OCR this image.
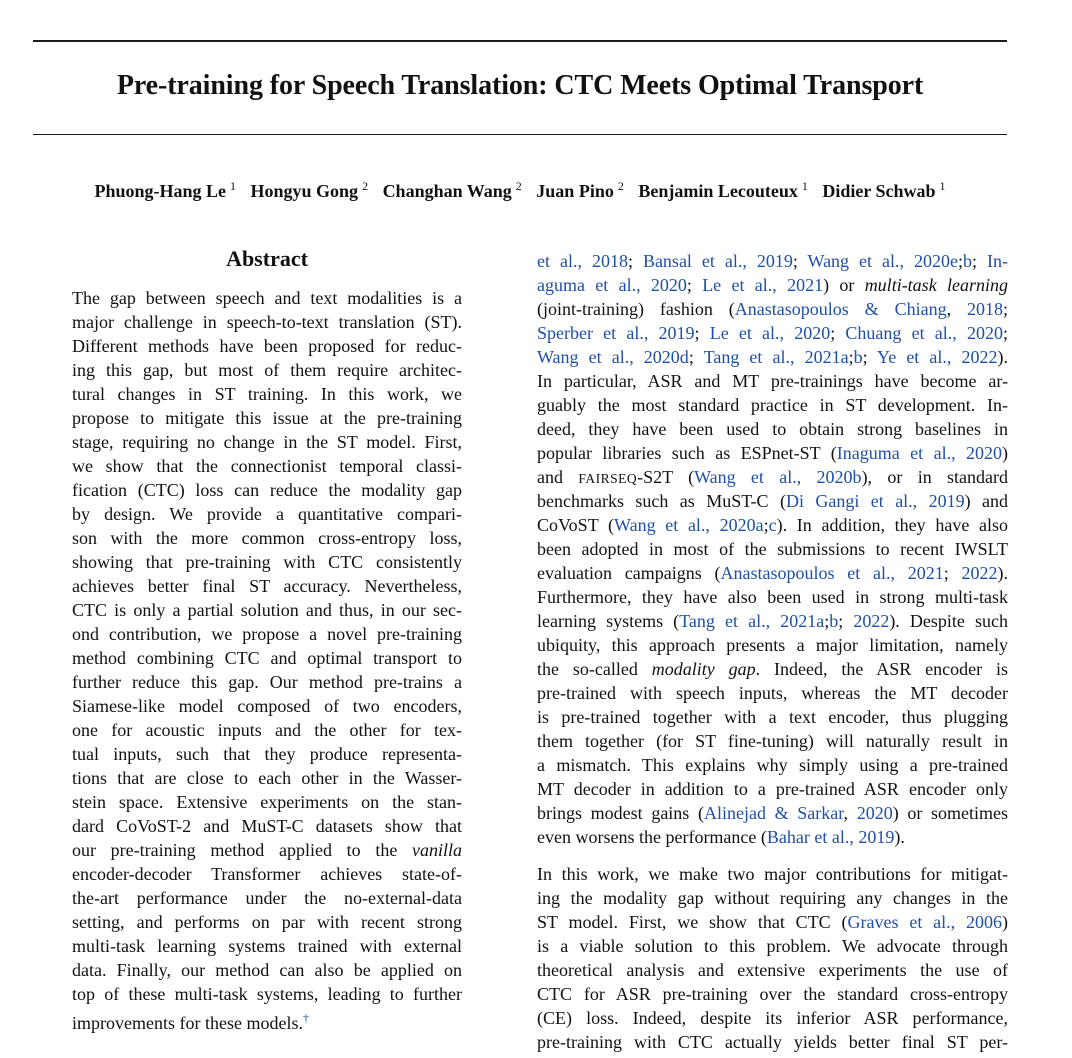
Pre-training for Speech Translation: CTC Meets Optimal Transport
Phuong-Hang Le $^1$ Hongyu Gong $^2$ Changhan Wang $^2$ Juan Pino $^2$ Benjamin Lecouteux $^1$ Didier Schwab $^1$
Abstract
The gap between speech and text modalities is a
major challenge in speech-to-text translation (ST).
Different methods have been proposed for reduc-
ing this gap, but most of them require architec-
tural changes in ST training. In this work, we
propose to mitigate this issue at the pre-training
stage, requiring no change in the ST model. First,
we show that the connectionist temporal classi-
fication (CTC) loss can reduce the modality gap
by design. We provide a quantitative compari-
son with the more common cross-entropy loss,
showing that pre-training with CTC consistently
achieves better final ST accuracy. Nevertheless,
CTC is only a partial solution and thus, in our sec-
ond contribution, we propose a novel pre-training
method combining CTC and optimal transport to
further reduce this gap. Our method pre-trains a
Siamese-like model composed of two encoders,
one for acoustic inputs and the other for tex-
tual inputs, such that they produce representa-
tions that are close to each other in the Wasser-
stein space. Extensive experiments on the stan-
dard CoVoST-2 and MuST-C datasets show that
our pre-training method applied to the vanilla
encoder-decoder Transformer achieves state-of-
the-art performance under the no-external-data
setting, and performs on par with recent strong
multi-task learning systems trained with external
data. Finally, our method can also be applied on
top of these multi-task systems, leading to further
improvements for these models.†
et al., 2018; Bansal et al., 2019; Wang et al., 2020e;b; In-
aguma et al., 2020; Le et al., 2021) or multi-task learning
(joint-training) fashion (Anastasopoulos & Chiang, 2018;
Sperber et al., 2019; Le et al., 2020; Chuang et al., 2020;
Wang et al., 2020d; Tang et al., 2021a;b; Ye et al., 2022).
In particular, ASR and MT pre-trainings have become ar-
guably the most standard practice in ST development. In-
deed, they have been used to obtain strong baselines in
popular libraries such as ESPnet-ST (Inaguma et al., 2020)
and FAIRSEQ-S2T (Wang et al., 2020b), or in standard
benchmarks such as MuST-C (Di Gangi et al., 2019) and
CoVoST (Wang et al., 2020a;c). In addition, they have also
been adopted in most of the submissions to recent IWSLT
evaluation campaigns (Anastasopoulos et al., 2021; 2022).
Furthermore, they have also been used in strong multi-task
learning systems (Tang et al., 2021a;b; 2022). Despite such
ubiquity, this approach presents a major limitation, namely
the so-called modality gap. Indeed, the ASR encoder is
pre-trained with speech inputs, whereas the MT decoder
is pre-trained together with a text encoder, thus plugging
them together (for ST fine-tuning) will naturally result in
a mismatch. This explains why simply using a pre-trained
MT decoder in addition to a pre-trained ASR encoder only
brings modest gains (Alinejad & Sarkar, 2020) or sometimes
even worsens the performance (Bahar et al., 2019).
In this work, we make two major contributions for mitigat-
ing the modality gap without requiring any changes in the
ST model. First, we show that CTC (Graves et al., 2006)
is a viable solution to this problem. We advocate through
theoretical analysis and extensive experiments the use of
CTC for ASR pre-training over the standard cross-entropy
(CE) loss. Indeed, despite its inferior ASR performance,
pre-training with CTC actually yields better final ST per-
